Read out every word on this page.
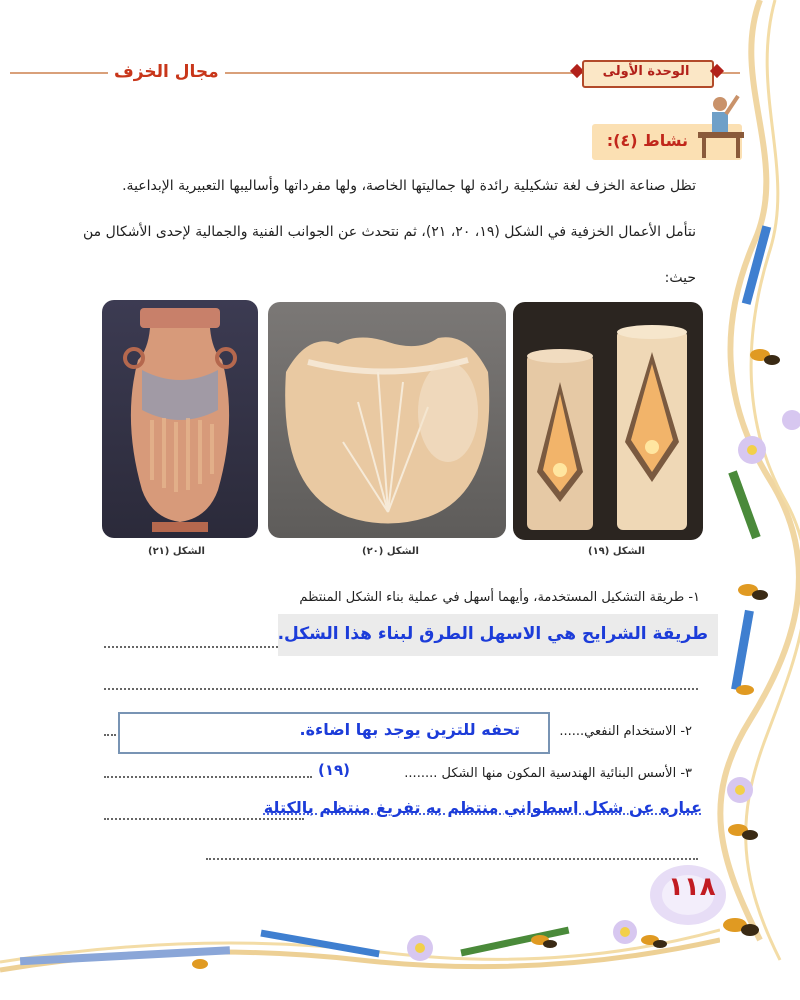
١١٨
مجال الخزف	الوحدة الأولى
نشاط (٤):
تظل صناعة الخزف لغة تشكيلية رائدة لها جماليتها الخاصة، ولها مفرداتها وأساليبها التعبيرية الإبداعية.
نتأمل الأعمال الخزفية في الشكل (١٩، ٢٠، ٢١)، ثم نتحدث عن الجوانب الفنية والجمالية لإحدى الأشكال من
حيث:
الشكل (١٩)
الشكل (٢٠)
الشكل (٢١)
١- طريقة التشكيل المستخدمة، وأيهما أسهل في عملية بناء الشكل المنتظم
طريقة الشرايح هي الاسهل الطرق لبناء هذا الشكل.
٢- الاستخدام النفعي......
تحفه للتزين يوجد بها اضاءة.
٣- الأسس البنائية الهندسية المكون منها الشكل ........
(١٩)
عباره عن شكل اسطواني منتظم به تفريغ منتظم بالكتلة
